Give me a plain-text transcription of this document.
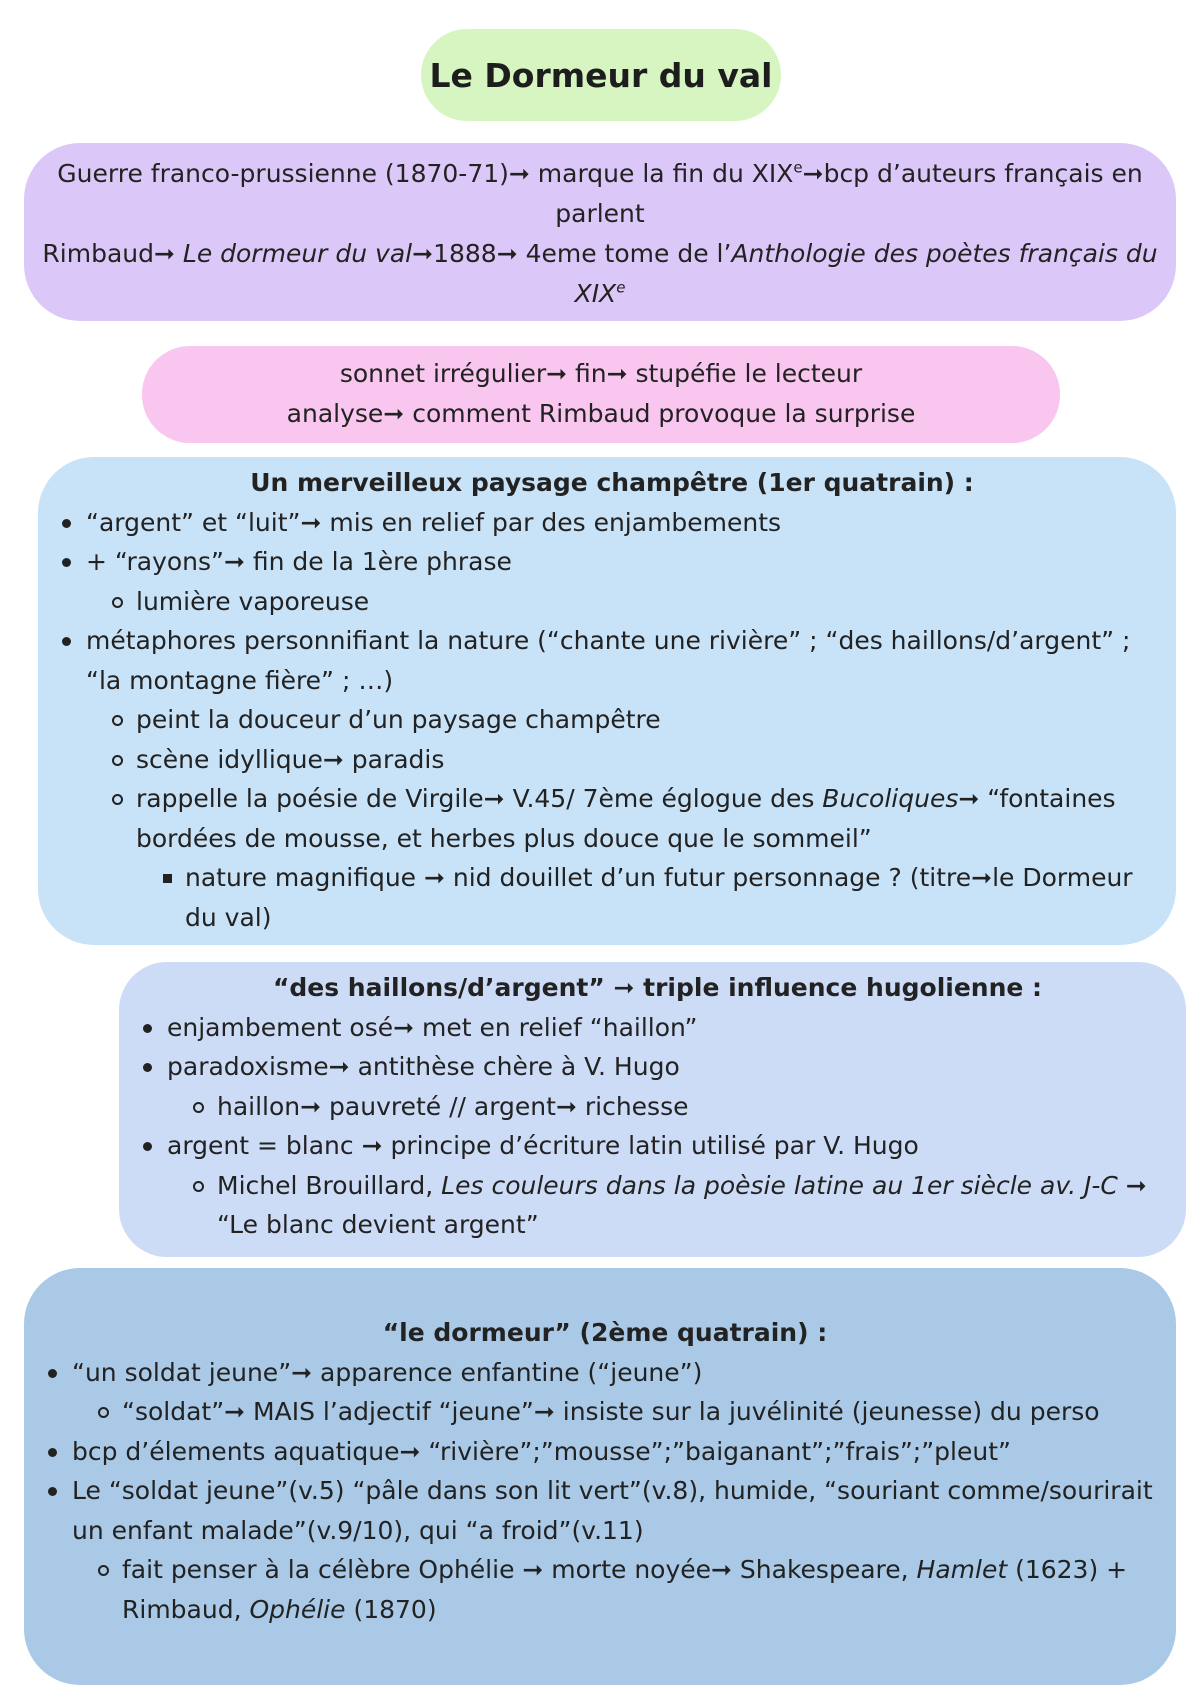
Le Dormeur du val
Guerre franco-prussienne (1870-71)➞ marque la fin du XIXe➞bcp d’auteurs français en parlent
Rimbaud➞ Le dormeur du val➞1888➞ 4eme tome de l’Anthologie des poètes français du XIXe
sonnet irrégulier➞ fin➞ stupéfie le lecteur
analyse➞ comment Rimbaud provoque la surprise
Un merveilleux paysage champêtre (1er quatrain) :
“argent” et “luit”➞ mis en relief par des enjambements
+ “rayons”➞ fin de la 1ère phrase
lumière vaporeuse
métaphores personnifiant la nature (“chante une rivière” ; “des haillons/d’argent” ; “la montagne fière” ; …)
peint la douceur d’un paysage champêtre
scène idyllique➞ paradis
rappelle la poésie de Virgile➞ V.45/ 7ème églogue des Bucoliques➞ “fontaines bordées de mousse, et herbes plus douce que le sommeil”
nature magnifique ➞ nid douillet d’un futur personnage ? (titre➞le Dormeur du val)
“des haillons/d’argent” ➞ triple influence hugolienne :
enjambement osé➞ met en relief “haillon”
paradoxisme➞ antithèse chère à V. Hugo
haillon➞ pauvreté // argent➞ richesse
argent = blanc ➞ principe d’écriture latin utilisé par V. Hugo
Michel Brouillard, Les couleurs dans la poèsie latine au 1er siècle av. J-C ➞ “Le blanc devient argent”
“le dormeur” (2ème quatrain) :
“un soldat jeune”➞ apparence enfantine (“jeune”)
“soldat”➞ MAIS l’adjectif “jeune”➞ insiste sur la juvélinité (jeunesse) du perso
bcp d’élements aquatique➞ “rivière”;”mousse”;”baiganant”;”frais”;”pleut”
Le “soldat jeune”(v.5) “pâle dans son lit vert”(v.8), humide, “souriant comme/sourirait un enfant malade”(v.9/10), qui “a froid”(v.11)
fait penser à la célèbre Ophélie ➞ morte noyée➞ Shakespeare, Hamlet (1623) + Rimbaud, Ophélie (1870)
